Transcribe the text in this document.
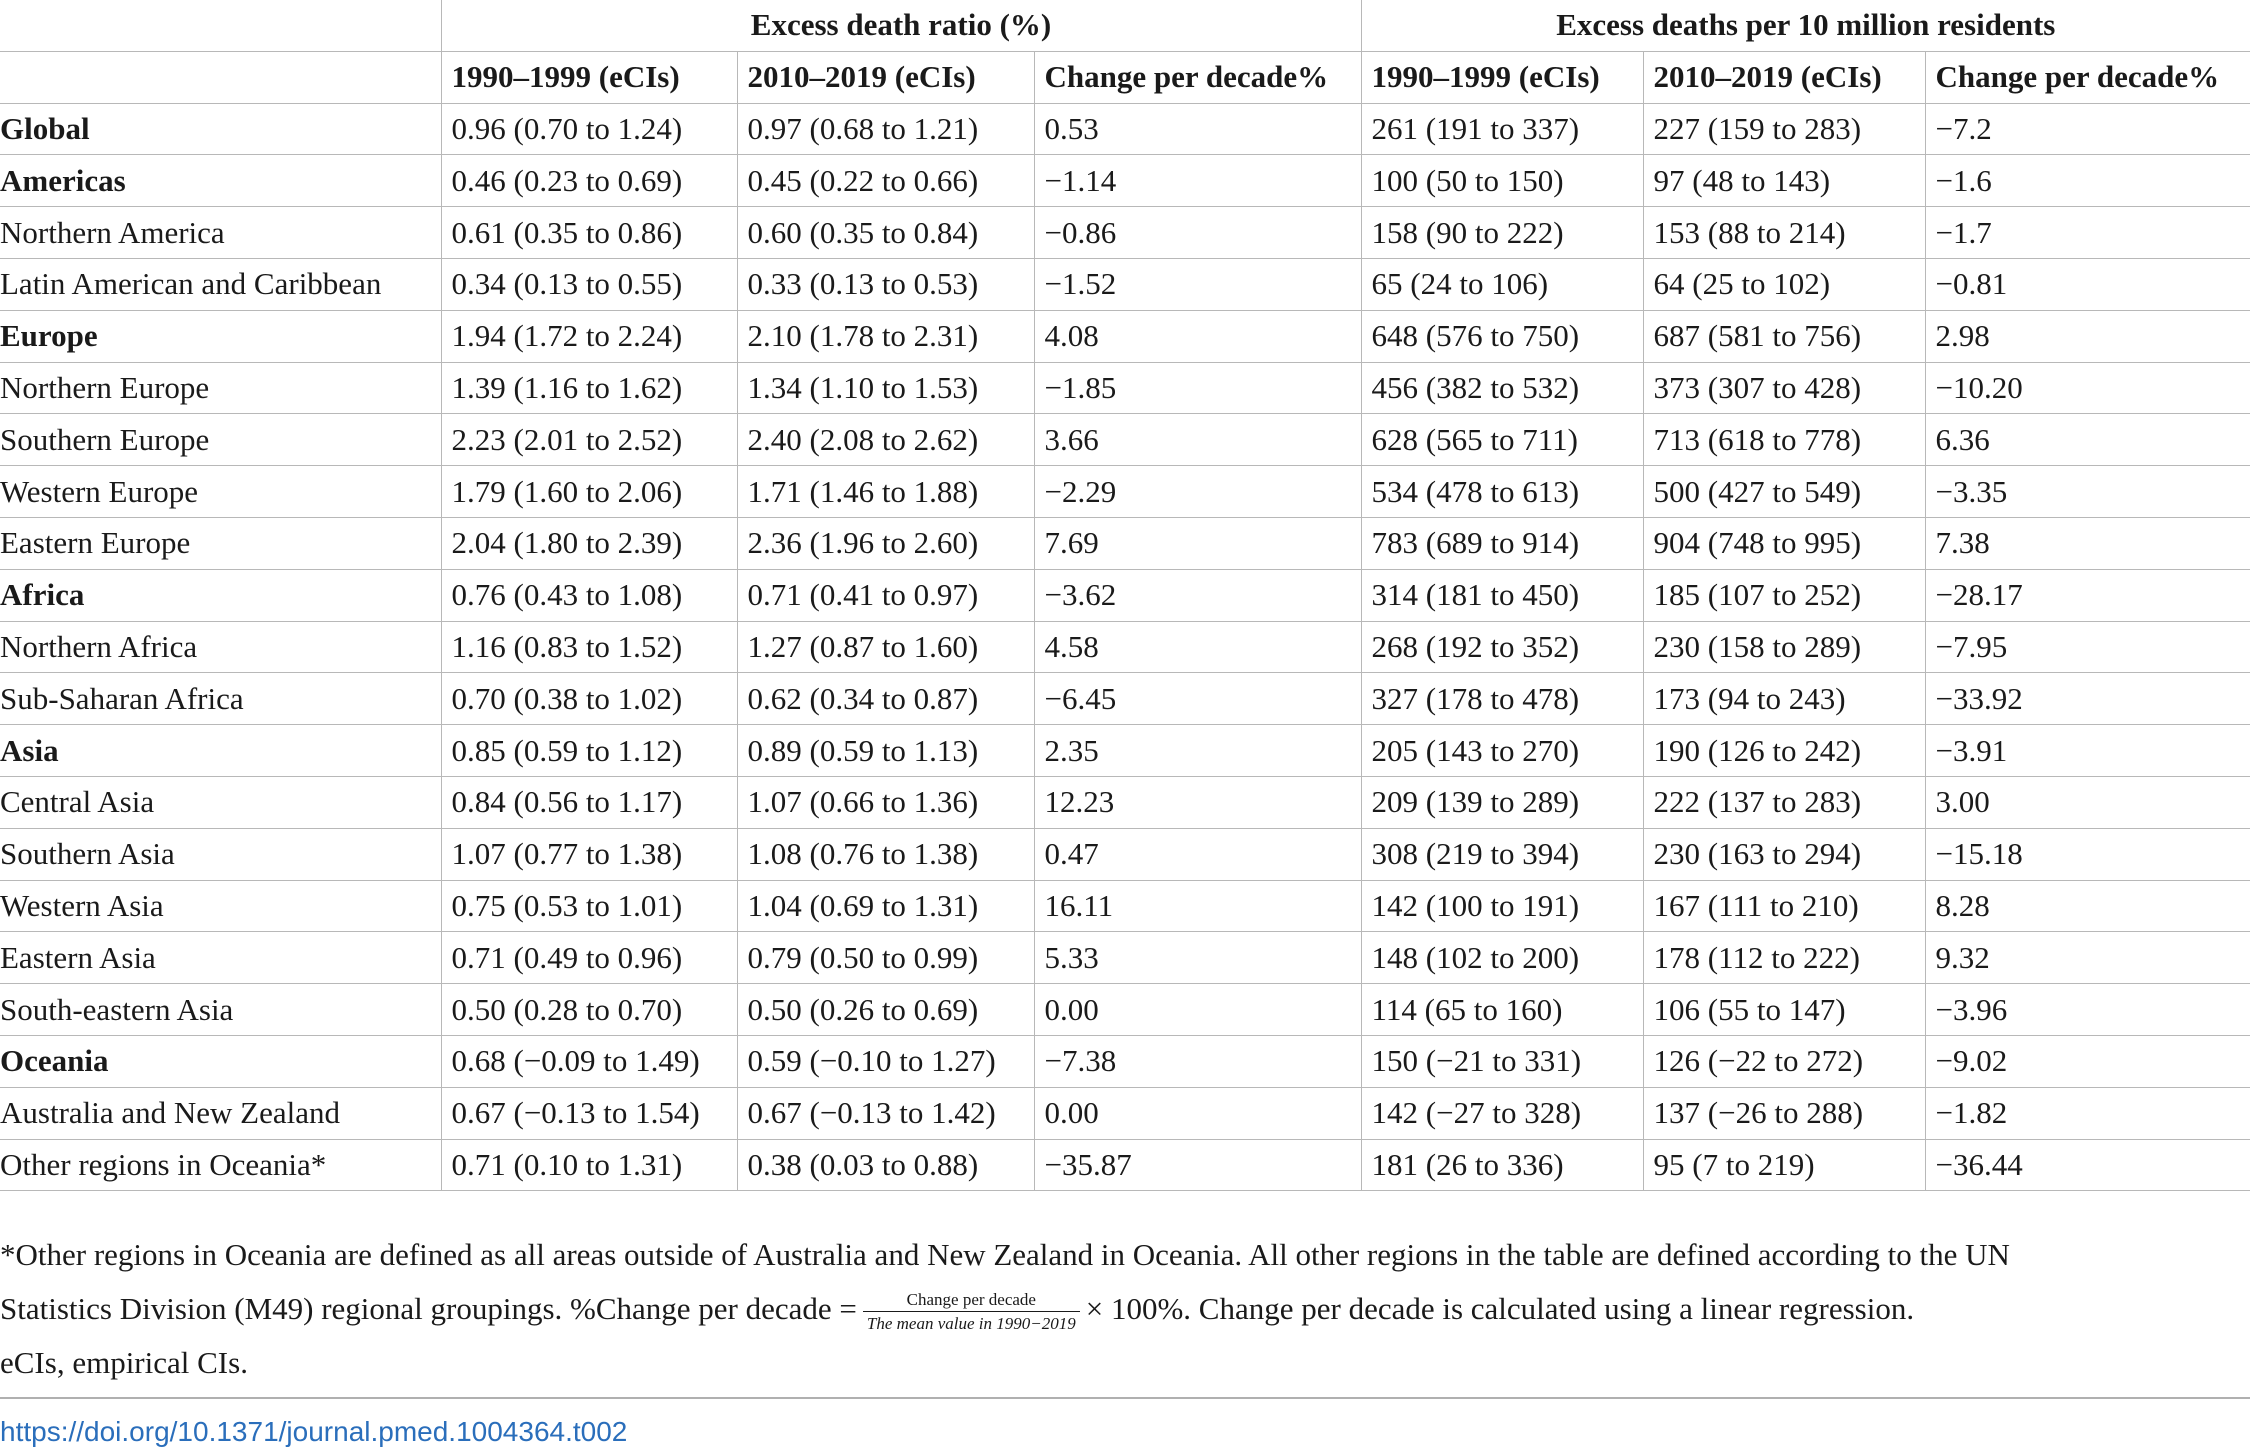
	Excess death ratio (%)			Excess deaths per 10 million residents		
	1990–1999 (eCIs)	2010–2019 (eCIs)	Change per decade%	1990–1999 (eCIs)	2010–2019 (eCIs)	Change per decade%
Global	0.96 (0.70 to 1.24)	0.97 (0.68 to 1.21)	0.53	261 (191 to 337)	227 (159 to 283)	−7.2
Americas	0.46 (0.23 to 0.69)	0.45 (0.22 to 0.66)	−1.14	100 (50 to 150)	97 (48 to 143)	−1.6
Northern America	0.61 (0.35 to 0.86)	0.60 (0.35 to 0.84)	−0.86	158 (90 to 222)	153 (88 to 214)	−1.7
Latin American and Caribbean	0.34 (0.13 to 0.55)	0.33 (0.13 to 0.53)	−1.52	65 (24 to 106)	64 (25 to 102)	−0.81
Europe	1.94 (1.72 to 2.24)	2.10 (1.78 to 2.31)	4.08	648 (576 to 750)	687 (581 to 756)	2.98
Northern Europe	1.39 (1.16 to 1.62)	1.34 (1.10 to 1.53)	−1.85	456 (382 to 532)	373 (307 to 428)	−10.20
Southern Europe	2.23 (2.01 to 2.52)	2.40 (2.08 to 2.62)	3.66	628 (565 to 711)	713 (618 to 778)	6.36
Western Europe	1.79 (1.60 to 2.06)	1.71 (1.46 to 1.88)	−2.29	534 (478 to 613)	500 (427 to 549)	−3.35
Eastern Europe	2.04 (1.80 to 2.39)	2.36 (1.96 to 2.60)	7.69	783 (689 to 914)	904 (748 to 995)	7.38
Africa	0.76 (0.43 to 1.08)	0.71 (0.41 to 0.97)	−3.62	314 (181 to 450)	185 (107 to 252)	−28.17
Northern Africa	1.16 (0.83 to 1.52)	1.27 (0.87 to 1.60)	4.58	268 (192 to 352)	230 (158 to 289)	−7.95
Sub-Saharan Africa	0.70 (0.38 to 1.02)	0.62 (0.34 to 0.87)	−6.45	327 (178 to 478)	173 (94 to 243)	−33.92
Asia	0.85 (0.59 to 1.12)	0.89 (0.59 to 1.13)	2.35	205 (143 to 270)	190 (126 to 242)	−3.91
Central Asia	0.84 (0.56 to 1.17)	1.07 (0.66 to 1.36)	12.23	209 (139 to 289)	222 (137 to 283)	3.00
Southern Asia	1.07 (0.77 to 1.38)	1.08 (0.76 to 1.38)	0.47	308 (219 to 394)	230 (163 to 294)	−15.18
Western Asia	0.75 (0.53 to 1.01)	1.04 (0.69 to 1.31)	16.11	142 (100 to 191)	167 (111 to 210)	8.28
Eastern Asia	0.71 (0.49 to 0.96)	0.79 (0.50 to 0.99)	5.33	148 (102 to 200)	178 (112 to 222)	9.32
South-eastern Asia	0.50 (0.28 to 0.70)	0.50 (0.26 to 0.69)	0.00	114 (65 to 160)	106 (55 to 147)	−3.96
Oceania	0.68 (−0.09 to 1.49)	0.59 (−0.10 to 1.27)	−7.38	150 (−21 to 331)	126 (−22 to 272)	−9.02
Australia and New Zealand	0.67 (−0.13 to 1.54)	0.67 (−0.13 to 1.42)	0.00	142 (−27 to 328)	137 (−26 to 288)	−1.82
Other regions in Oceania*	0.71 (0.10 to 1.31)	0.38 (0.03 to 0.88)	−35.87	181 (26 to 336)	95 (7 to 219)	−36.44
*Other regions in Oceania are defined as all areas outside of Australia and New Zealand in Oceania. All other regions in the table are defined according to the UN
Statistics Division (M49) regional groupings. %Change per decade = $\frac{\text{Change per decade}}{\text{The mean value in 1990−2019}} \times 100\%$. Change per decade is calculated using a linear regression.
eCIs, empirical CIs.
https://doi.org/10.1371/journal.pmed.1004364.t002
